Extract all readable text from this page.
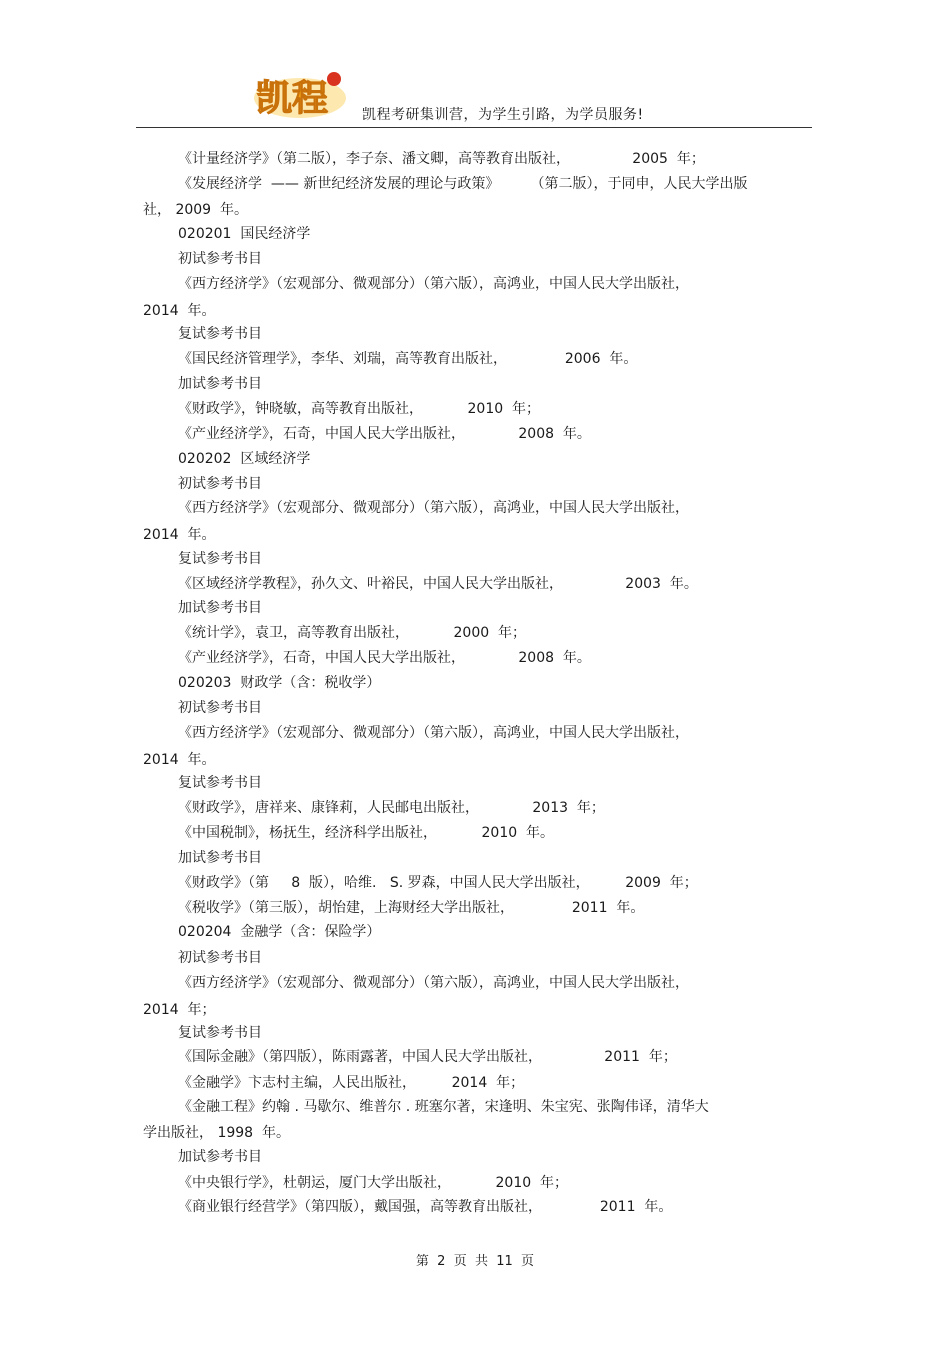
凯程 凯程考研集训营，为学生引路，为学员服务!
《计量经济学》（第二版），李子奈、潘文卿，高等教育出版社，              2005  年；
《发展经济学  —— 新世纪经济发展的理论与政策》       （第二版），于同申，人民大学出版
社， 2009  年。
020201  国民经济学
初试参考书目
《西方经济学》（宏观部分、微观部分）（第六版），高鸿业，中国人民大学出版社，
2014  年。
复试参考书目
《国民经济管理学》，李华、刘瑞，高等教育出版社，             2006  年。
加试参考书目
《财政学》，钟晓敏，高等教育出版社，          2010  年；
《产业经济学》，石奇，中国人民大学出版社，            2008  年。
020202  区域经济学
初试参考书目
《西方经济学》（宏观部分、微观部分）（第六版），高鸿业，中国人民大学出版社，
2014  年。
复试参考书目
《区域经济学教程》，孙久文、叶裕民，中国人民大学出版社，              2003  年。
加试参考书目
《统计学》，袁卫，高等教育出版社，          2000  年；
《产业经济学》，石奇，中国人民大学出版社，            2008  年。
020203  财政学（含：税收学）
初试参考书目
《西方经济学》（宏观部分、微观部分）（第六版），高鸿业，中国人民大学出版社，
2014  年。
复试参考书目
《财政学》，唐祥来、康锋莉，人民邮电出版社，            2013  年；
《中国税制》，杨抚生，经济科学出版社，          2010  年。
加试参考书目
《财政学》（第     8  版），哈维.   S. 罗森，中国人民大学出版社，        2009  年；
《税收学》（第三版），胡怡建，上海财经大学出版社，             2011  年。
020204  金融学（含：保险学）
初试参考书目
《西方经济学》（宏观部分、微观部分）（第六版），高鸿业，中国人民大学出版社，
2014  年；
复试参考书目
《国际金融》（第四版），陈雨露著，中国人民大学出版社，              2011  年；
《金融学》卞志村主编，人民出版社，        2014  年；
《金融工程》约翰 . 马歇尔、维普尔 . 班塞尔著，宋逢明、朱宝宪、张陶伟译，清华大
学出版社， 1998  年。
加试参考书目
《中央银行学》，杜朝运，厦门大学出版社，          2010  年；
《商业银行经营学》（第四版），戴国强，高等教育出版社，             2011  年。
第  2  页  共  11  页
